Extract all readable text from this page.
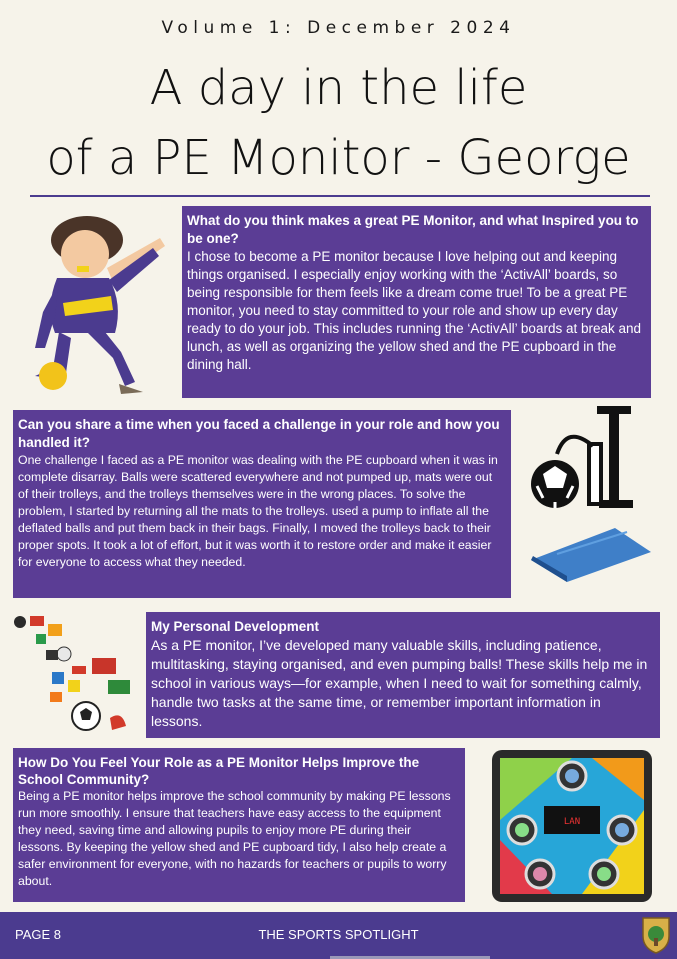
Volume 1: December 2024
A day in the life
of a PE Monitor - George
What do you think makes a great PE Monitor, and what Inspired you to be one?

I chose to become a PE monitor because I love helping out and keeping things organised. I especially enjoy working with the ‘ActivAll’ boards, so being responsible for them feels like a dream come true! To be a great PE monitor, you need to stay committed to your role and show up every day ready to do your job. This includes running the ‘ActivAll’ boards at break and lunch, as well as organizing the yellow shed and the PE cupboard in the dining hall.

Can you share a time when you faced a challenge in your role and how you handled it?

One challenge I faced as a PE monitor was dealing with the PE cupboard when it was in complete disarray. Balls were scattered everywhere and not pumped up, mats were out of their trolleys, and the trolleys themselves were in the wrong places. To solve the problem, I started by returning all the mats to the trolleys. used a pump to inflate all the deflated balls and put them back in their bags. Finally, I moved the trolleys back to their proper spots. It took a lot of effort, but it was worth it to restore order and make it easier for everyone to access what they needed.

My Personal Development

As a PE monitor, I’ve developed many valuable skills, including patience, multitasking, staying organised, and even pumping balls! These skills help me in school in various ways—for example, when I need to wait for something calmly, handle two tasks at the same time, or remember important information in lessons.

How Do You Feel Your Role as a PE Monitor Helps Improve the School Community?

Being a PE monitor helps improve the school community by making PE lessons run more smoothly. I ensure that teachers have easy access to the equipment they need, saving time and allowing pupils to enjoy more PE during their lessons. By keeping the yellow shed and PE cupboard tidy, I also help create a safer environment for everyone, with no hazards for teachers or pupils to worry about.

LAN
PAGE 8	THE SPORTS SPOTLIGHT
